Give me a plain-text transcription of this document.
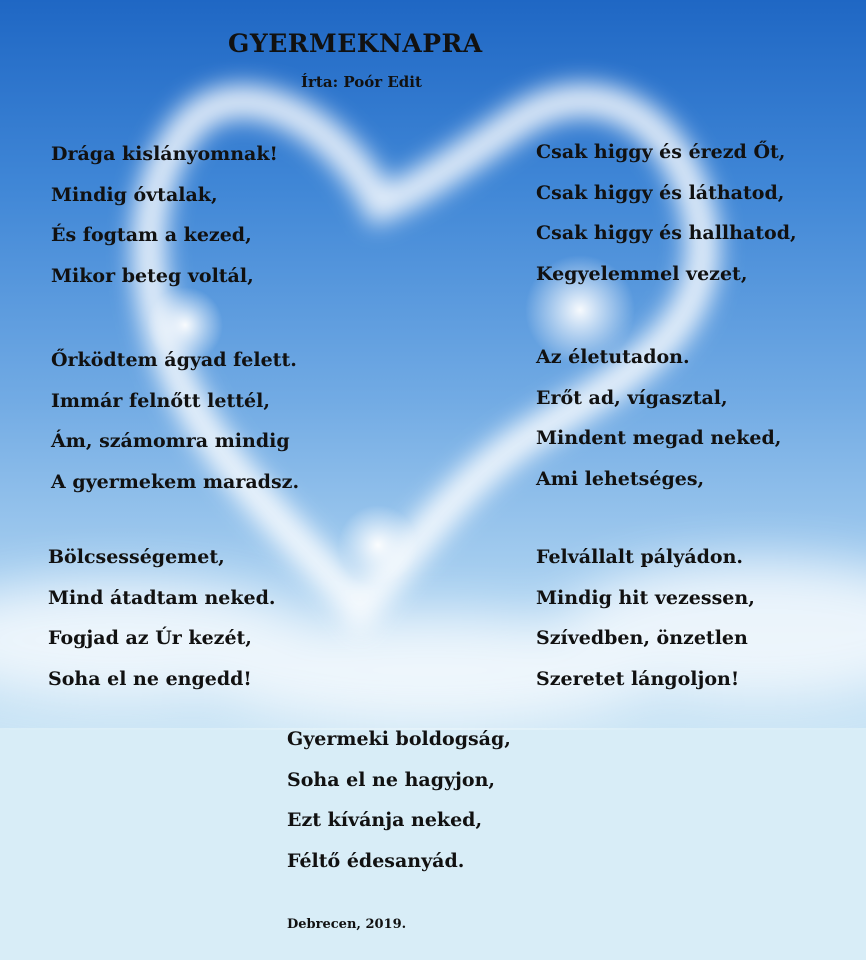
GYERMEKNAPRA
Írta: Poór Edit
Drága kislányomnak!
Mindig óvtalak,
És fogtam a kezed,
Mikor beteg voltál,
Őrködtem ágyad felett.
Immár felnőtt lettél,
Ám, számomra mindig
A gyermekem maradsz.
Bölcsességemet,
Mind átadtam neked.
Fogjad az Úr kezét,
Soha el ne engedd!
Csak higgy és érezd Őt,
Csak higgy és láthatod,
Csak higgy és hallhatod,
Kegyelemmel vezet,
Az életutadon.
Erőt ad, vígasztal,
Mindent megad neked,
Ami lehetséges,
Felvállalt pályádon.
Mindig hit vezessen,
Szívedben, önzetlen
Szeretet lángoljon!
Gyermeki boldogság,
Soha el ne hagyjon,
Ezt kívánja neked,
Féltő édesanyád.
Debrecen, 2019.
